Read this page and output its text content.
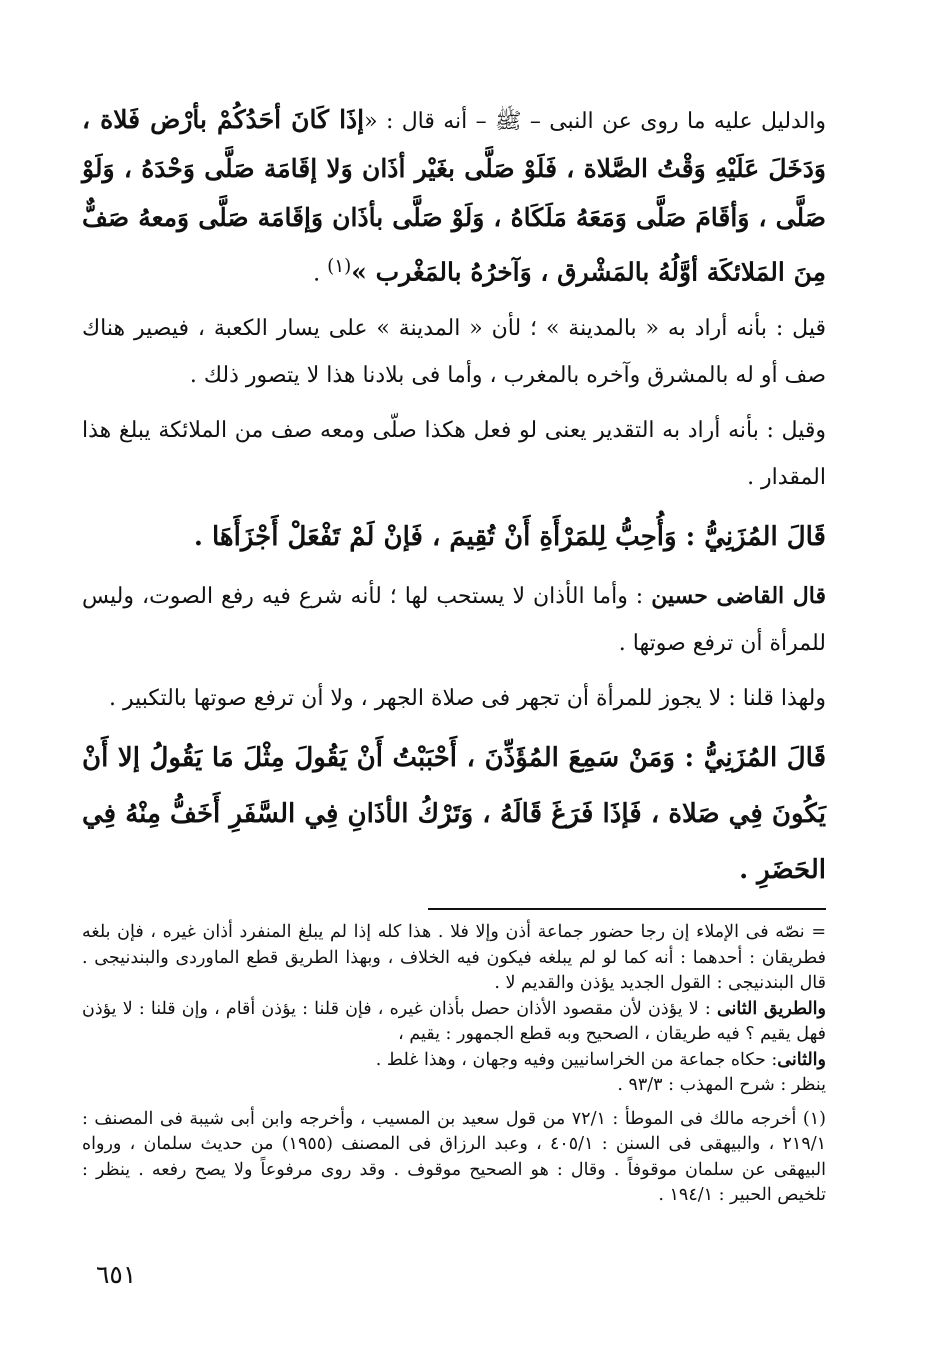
والدليل عليه ما روى عن النبى – ﷺ – أنه قال : «إذَا كَانَ أحَدُكُمْ بأرْض فَلاة ، وَدَخَلَ عَلَيْهِ وَقْتُ الصَّلاة ، فَلَوْ صَلَّى بغَيْر أذَان وَلا إقَامَة صَلَّى وَحْدَهُ ، وَلَوْ صَلَّى ، وَأقَامَ صَلَّى وَمَعَهُ مَلَكَاهُ ، وَلَوْ صَلَّى بأذَان وَإقَامَة صَلَّى وَمعهُ صَفٌّ مِنَ المَلائكَة أوَّلُهُ بالمَشْرق ، وَآخرُهُ بالمَغْرب »$^{(١)}$ .

قيل : بأنه أراد به « بالمدينة » ؛ لأن « المدينة » على يسار الكعبة ، فيصير هناك صف أو له بالمشرق وآخره بالمغرب ، وأما فى بلادنا هذا لا يتصور ذلك .

وقيل : بأنه أراد به التقدير يعنى لو فعل هكذا صلّى ومعه صف من الملائكة يبلغ هذا المقدار .

قَالَ المُزَنِيُّ : وَأُحِبُّ لِلمَرْأَةِ أَنْ تُقِيمَ ، فَإنْ لَمْ تَفْعَلْ أَجْزَأَهَا .

قال القاضى حسين : وأما الأذان لا يستحب لها ؛ لأنه شرع فيه رفع الصوت، وليس للمرأة أن ترفع صوتها .

ولهذا قلنا : لا يجوز للمرأة أن تجهر فى صلاة الجهر ، ولا أن ترفع صوتها بالتكبير .

قَالَ المُزَنِيُّ : وَمَنْ سَمِعَ المُؤَذِّنَ ، أَحْبَبْتُ أَنْ يَقُولَ مِثْلَ مَا يَقُولُ إلا أَنْ يَكُونَ فِي صَلاة ، فَإذَا فَرَغَ قَالَهُ ، وَتَرْكُ الأذَانِ فِي السَّفَرِ أَخَفُّ مِنْهُ فِي الحَضَرِ .

= نصّه فى الإملاء إن رجا حضور جماعة أذن وإلا فلا . هذا كله إذا لم يبلغ المنفرد أذان غيره ، فإن بلغه فطريقان : أحدهما : أنه كما لو لم يبلغه فيكون فيه الخلاف ، وبهذا الطريق قطع الماوردى والبندنيجى . قال البندنيجى : القول الجديد يؤذن والقديم لا .

والطريق الثانى : لا يؤذن لأن مقصود الأذان حصل بأذان غيره ، فإن قلنا : يؤذن أقام ، وإن قلنا : لا يؤذن فهل يقيم ؟ فيه طريقان ، الصحيح وبه قطع الجمهور : يقيم ،

والثانى: حكاه جماعة من الخراسانيين وفيه وجهان ، وهذا غلط .

ينظر : شرح المهذب : ٩٣/٣ .

(١) أخرجه مالك فى الموطأ : ٧٢/١ من قول سعيد بن المسيب ، وأخرجه وابن أبى شيبة فى المصنف : ٢١٩/١ ، والبيهقى فى السنن : ٤٠٥/١ ، وعبد الرزاق فى المصنف (١٩٥٥) من حديث سلمان ، ورواه البيهقى عن سلمان موقوفاً . وقال : هو الصحيح موقوف . وقد روى مرفوعاً ولا يصح رفعه . ينظر : تلخيص الحبير : ١٩٤/١ .

٦٥١
